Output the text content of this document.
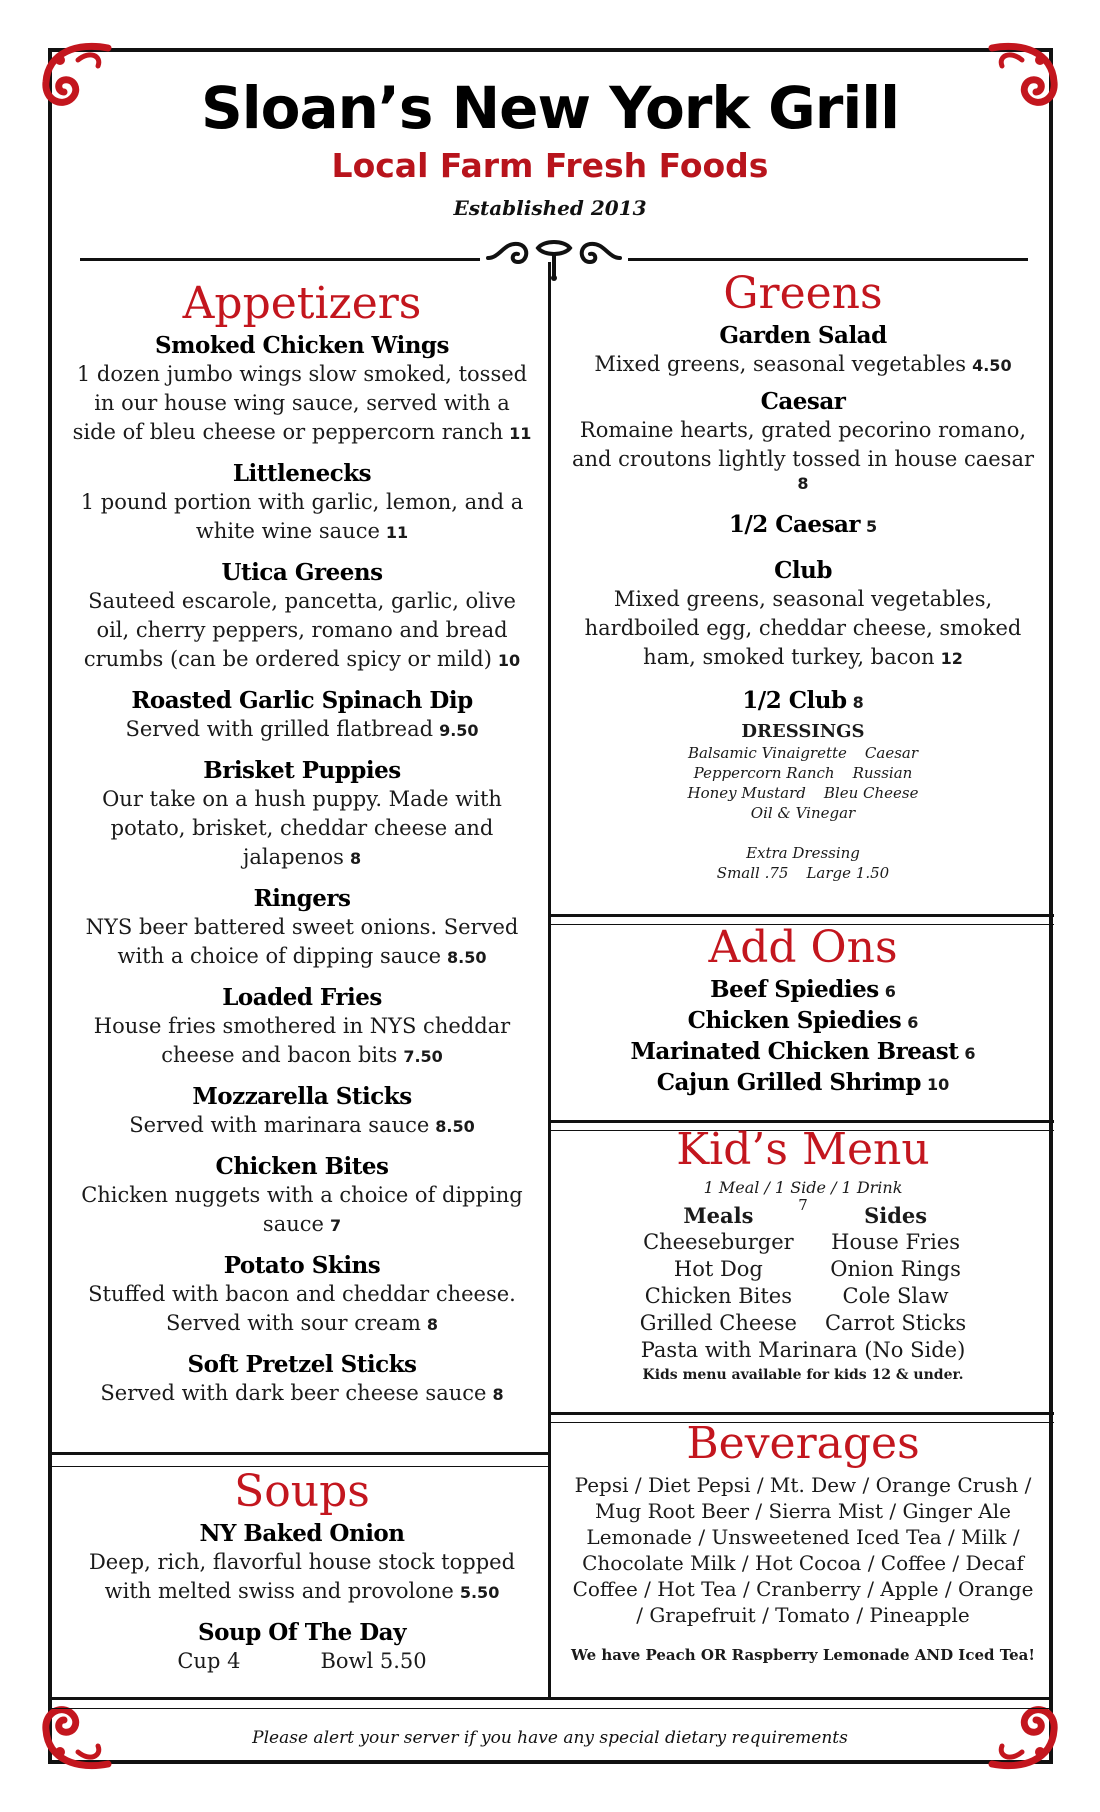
Sloan’s New York Grill
Local Farm Fresh Foods
Established 2013
Appetizers
Smoked Chicken Wings
1 dozen jumbo wings slow smoked, tossed in our house wing sauce, served with a side of bleu cheese or peppercorn ranch 11
Littlenecks
1 pound portion with garlic, lemon, and a white wine sauce 11
Utica Greens
Sauteed escarole, pancetta, garlic, olive oil, cherry peppers, romano and bread crumbs (can be ordered spicy or mild) 10
Roasted Garlic Spinach Dip
Served with grilled flatbread 9.50
Brisket Puppies
Our take on a hush puppy. Made with potato, brisket, cheddar cheese and jalapenos 8
Ringers
NYS beer battered sweet onions. Served with a choice of dipping sauce 8.50
Loaded Fries
House fries smothered in NYS cheddar cheese and bacon bits 7.50
Mozzarella Sticks
Served with marinara sauce 8.50
Chicken Bites
Chicken nuggets with a choice of dipping sauce 7
Potato Skins
Stuffed with bacon and cheddar cheese. Served with sour cream 8
Soft Pretzel Sticks
Served with dark beer cheese sauce 8
Soups
NY Baked Onion
Deep, rich, flavorful house stock topped with melted swiss and provolone 5.50
Soup Of The Day
Cup 4	Bowl 5.50
Greens
Garden Salad
Mixed greens, seasonal vegetables 4.50
Caesar
Romaine hearts, grated pecorino romano, and croutons lightly tossed in house caesar
8
1/2 Caesar 5
Club
Mixed greens, seasonal vegetables, hardboiled egg, cheddar cheese, smoked ham, smoked turkey, bacon 12
1/2 Club 8
DRESSINGS
Balsamic Vinaigrette Caesar
Peppercorn Ranch Russian
Honey Mustard Bleu Cheese
Oil & Vinegar
Extra Dressing
Small .75 Large 1.50
Add Ons
Beef Spiedies 6
Chicken Spiedies 6
Marinated Chicken Breast 6
Cajun Grilled Shrimp 10
Kid’s Menu
1 Meal / 1 Side / 1 Drink
7
Meals
Cheeseburger
Hot Dog
Chicken Bites
Grilled Cheese
Sides
House Fries
Onion Rings
Cole Slaw
Carrot Sticks
Pasta with Marinara (No Side)
Kids menu available for kids 12 & under.
Beverages
Pepsi / Diet Pepsi / Mt. Dew / Orange Crush / Mug Root Beer / Sierra Mist / Ginger Ale Lemonade / Unsweetened Iced Tea / Milk / Chocolate Milk / Hot Cocoa / Coffee / Decaf Coffee / Hot Tea / Cranberry / Apple / Orange / Grapefruit / Tomato / Pineapple
We have Peach OR Raspberry Lemonade AND Iced Tea!
Please alert your server if you have any special dietary requirements
